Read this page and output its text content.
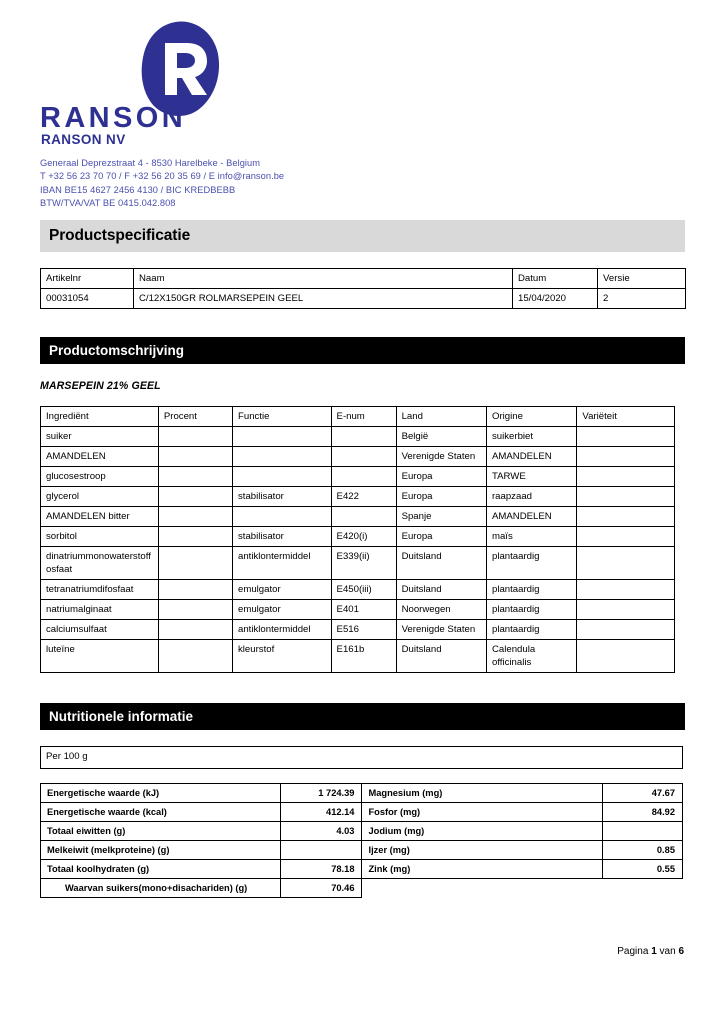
RANSON
RANSON NV
Generaal Deprezstraat 4 - 8530 Harelbeke - Belgium
T +32 56 23 70 70 / F +32 56 20 35 69 / E info@ranson.be
IBAN BE15 4627 2456 4130 / BIC KREDBEBB
BTW/TVA/VAT BE 0415.042.808
Productspecificatie
Artikelnr	Naam	Datum	Versie
00031054	C/12X150GR ROLMARSEPEIN GEEL	15/04/2020	2
Productomschrijving
MARSEPEIN 21% GEEL
Ingrediënt	Procent	Functie	E-num	Land	Origine	Variëteit
suiker				België	suikerbiet	
AMANDELEN				Verenigde Staten	AMANDELEN	
glucosestroop				Europa	TARWE	
glycerol		stabilisator	E422	Europa	raapzaad	
AMANDELEN bitter				Spanje	AMANDELEN	
sorbitol		stabilisator	E420(i)	Europa	maïs	
dinatriummonowaterstoffosfaat		antiklontermiddel	E339(ii)	Duitsland	plantaardig	
tetranatriumdifosfaat		emulgator	E450(iii)	Duitsland	plantaardig	
natriumalginaat		emulgator	E401	Noorwegen	plantaardig	
calciumsulfaat		antiklontermiddel	E516	Verenigde Staten	plantaardig	
luteïne		kleurstof	E161b	Duitsland	Calendula officinalis	
Nutritionele informatie
Per 100 g
Energetische waarde (kJ)	1 724.39	Magnesium (mg)	47.67
Energetische waarde (kcal)	412.14	Fosfor (mg)	84.92
Totaal eiwitten (g)	4.03	Jodium (mg)	
Melkeiwit (melkproteine) (g)		Ijzer (mg)	0.85
Totaal koolhydraten (g)	78.18	Zink (mg)	0.55
Waarvan suikers(mono+disachariden) (g)	70.46		
Pagina 1 van 6
